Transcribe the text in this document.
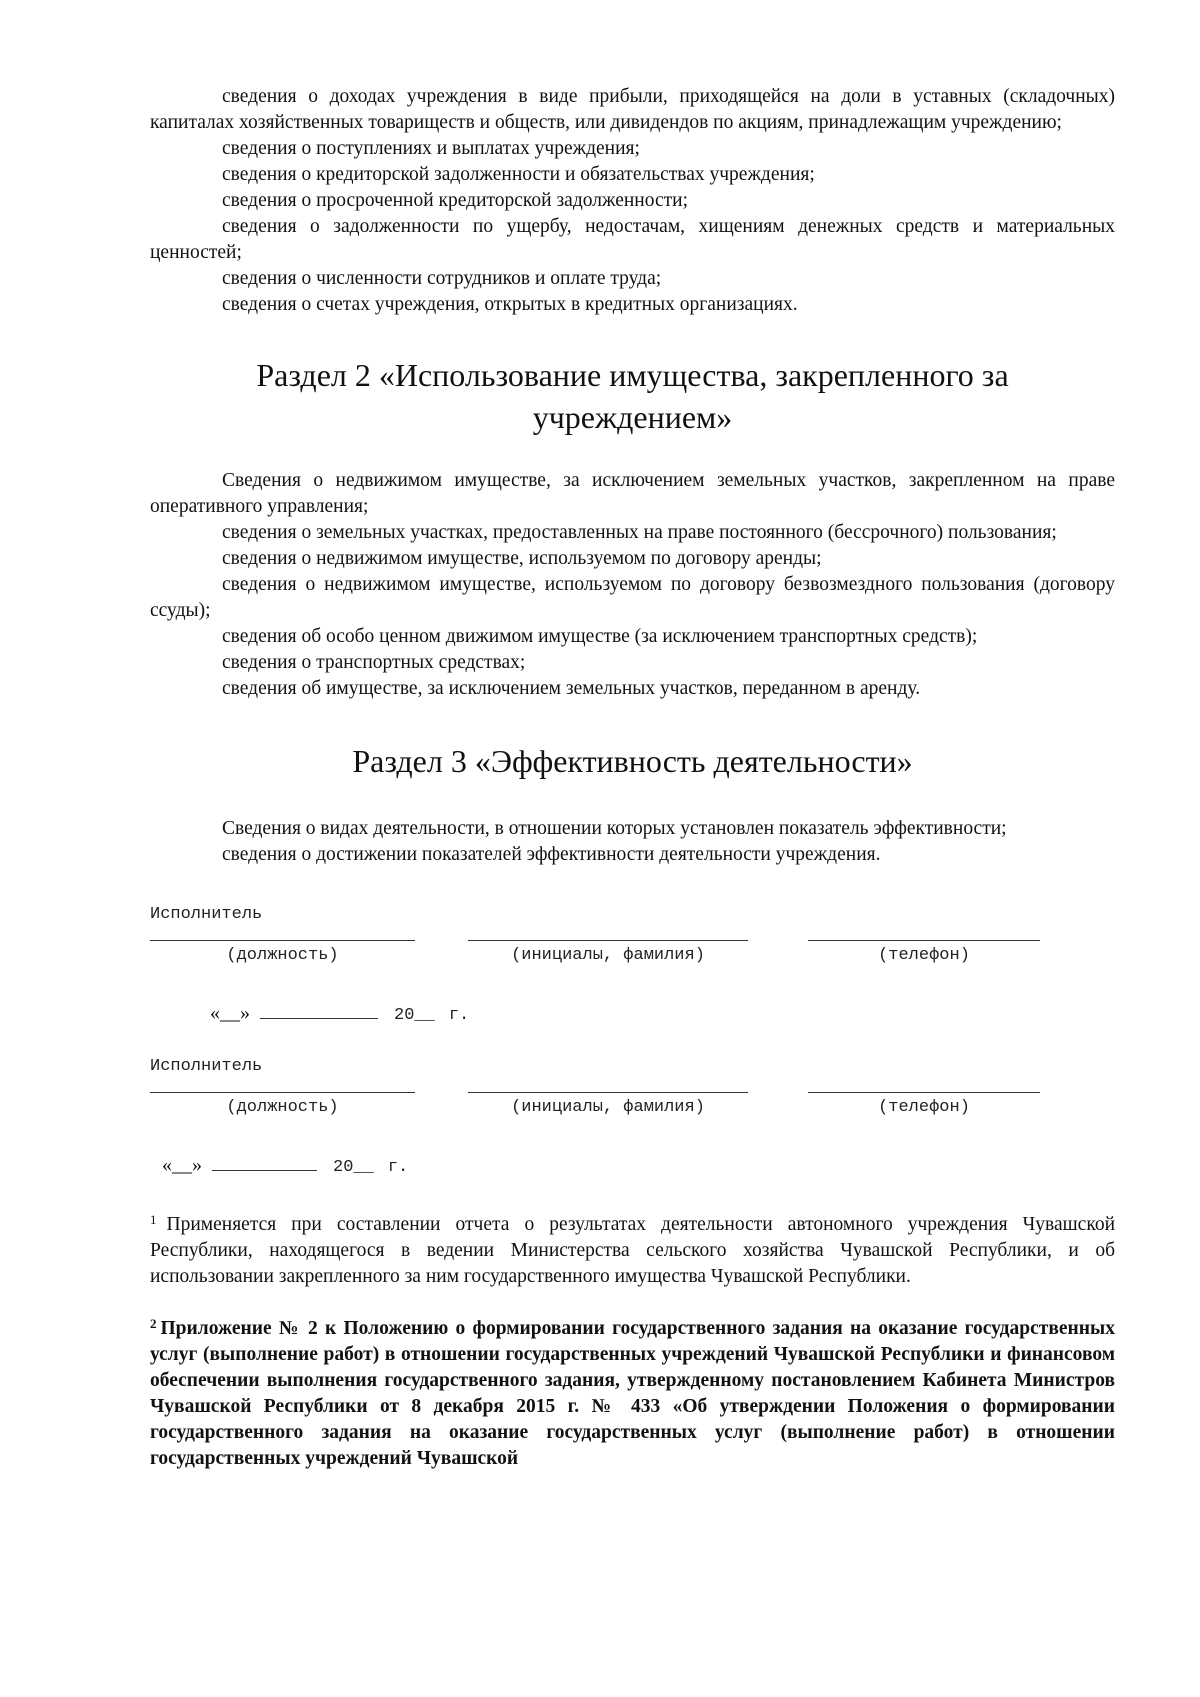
сведения о доходах учреждения в виде прибыли, приходящейся на доли в уставных (складочных) капиталах хозяйственных товариществ и обществ, или дивидендов по акциям, принадлежащим учреждению;

сведения о поступлениях и выплатах учреждения;

сведения о кредиторской задолженности и обязательствах учреждения;

сведения о просроченной кредиторской задолженности;

сведения о задолженности по ущербу, недостачам, хищениям денежных средств и материальных ценностей;

сведения о численности сотрудников и оплате труда;

сведения о счетах учреждения, открытых в кредитных организациях.

Раздел 2 «Использование имущества, закрепленного за
учреждением»

Сведения о недвижимом имуществе, за исключением земельных участков, закрепленном на праве оперативного управления;

сведения о земельных участках, предоставленных на праве постоянного (бессрочного) пользования;

сведения о недвижимом имуществе, используемом по договору аренды;

сведения о недвижимом имуществе, используемом по договору безвозмездного пользования (договору ссуды);

сведения об особо ценном движимом имуществе (за исключением транспортных средств);

сведения о транспортных средствах;

сведения об имуществе, за исключением земельных участков, переданном в аренду.

Раздел 3 «Эффективность деятельности»

Сведения о видах деятельности, в отношении которых установлен показатель эффективности;

сведения о достижении показателей эффективности деятельности учреждения.

Исполнитель
(должность)	(инициалы, фамилия)	(телефон)
«__»	20__ г.
Исполнитель
(должность)	(инициалы, фамилия)	(телефон)
«__»	20__ г.

$^1$ Применяется при составлении отчета о результатах деятельности автономного учреждения Чувашской Республики, находящегося в ведении Министерства сельского хозяйства Чувашской Республики, и об использовании закрепленного за ним государственного имущества Чувашской Республики.

$^2$ Приложение № 2 к Положению о формировании государственного задания на оказание государственных услуг (выполнение работ) в отношении государственных учреждений Чувашской Республики и финансовом обеспечении выполнения государственного задания, утвержденному постановлением Кабинета Министров Чувашской Республики от 8 декабря 2015 г. № 433 «Об утверждении Положения о формировании государственного задания на оказание государственных услуг (выполнение работ) в отношении государственных учреждений Чувашской
